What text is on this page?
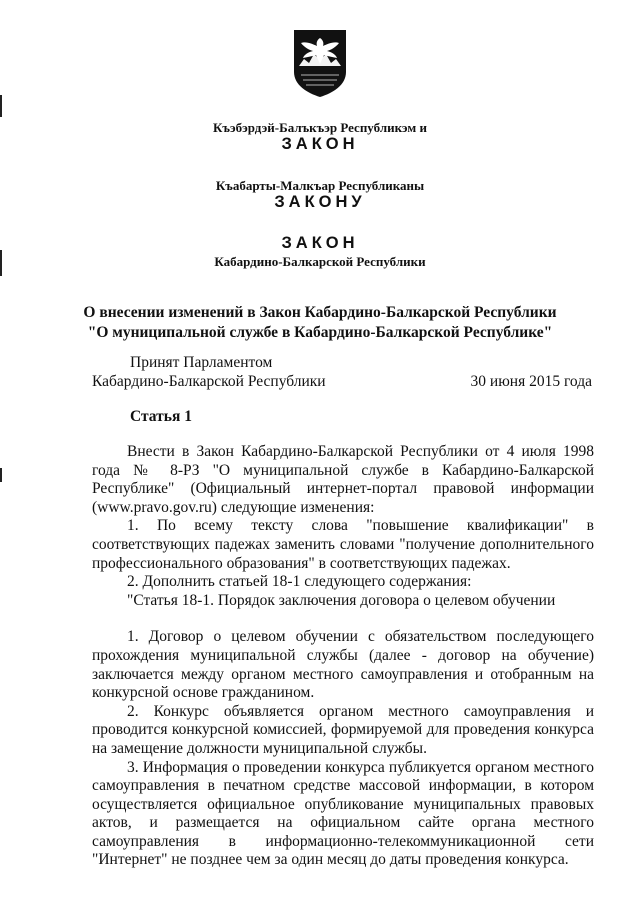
Къэбэрдэй-Балъкъэр Республикэм и
ЗАКОН
Къабарты-Малкъар Республиканы
ЗАКОНУ
ЗАКОН
Кабардино-Балкарской Республики
О внесении изменений в Закон Кабардино-Балкарской Республики
"О муниципальной службе в Кабардино-Балкарской Республике"
Принят Парламентом
Кабардино-Балкарской Республики	30 июня 2015 года
Статья 1

Внести в Закон Кабардино-Балкарской Республики от 4 июля 1998 года № 8-РЗ "О муниципальной службе в Кабардино-Балкарской Республике" (Официальный интернет-портал правовой информации (www.pravo.gov.ru) следующие изменения:

1. По всему тексту слова "повышение квалификации" в соответствующих падежах заменить словами "получение дополнительного профессионального образования" в соответствующих падежах.

2. Дополнить статьей 18-1 следующего содержания:

"Статья 18-1. Порядок заключения договора о целевом обучении

1. Договор о целевом обучении с обязательством последующего прохождения муниципальной службы (далее - договор на обучение) заключается между органом местного самоуправления и отобранным на конкурсной основе гражданином.

2. Конкурс объявляется органом местного самоуправления и проводится конкурсной комиссией, формируемой для проведения конкурса на замещение должности муниципальной службы.

3. Информация о проведении конкурса публикуется органом местного самоуправления в печатном средстве массовой информации, в котором осуществляется официальное опубликование муниципальных правовых актов, и размещается на официальном сайте органа местного самоуправления в информационно-телекоммуникационной сети "Интернет" не позднее чем за один месяц до даты проведения конкурса.
